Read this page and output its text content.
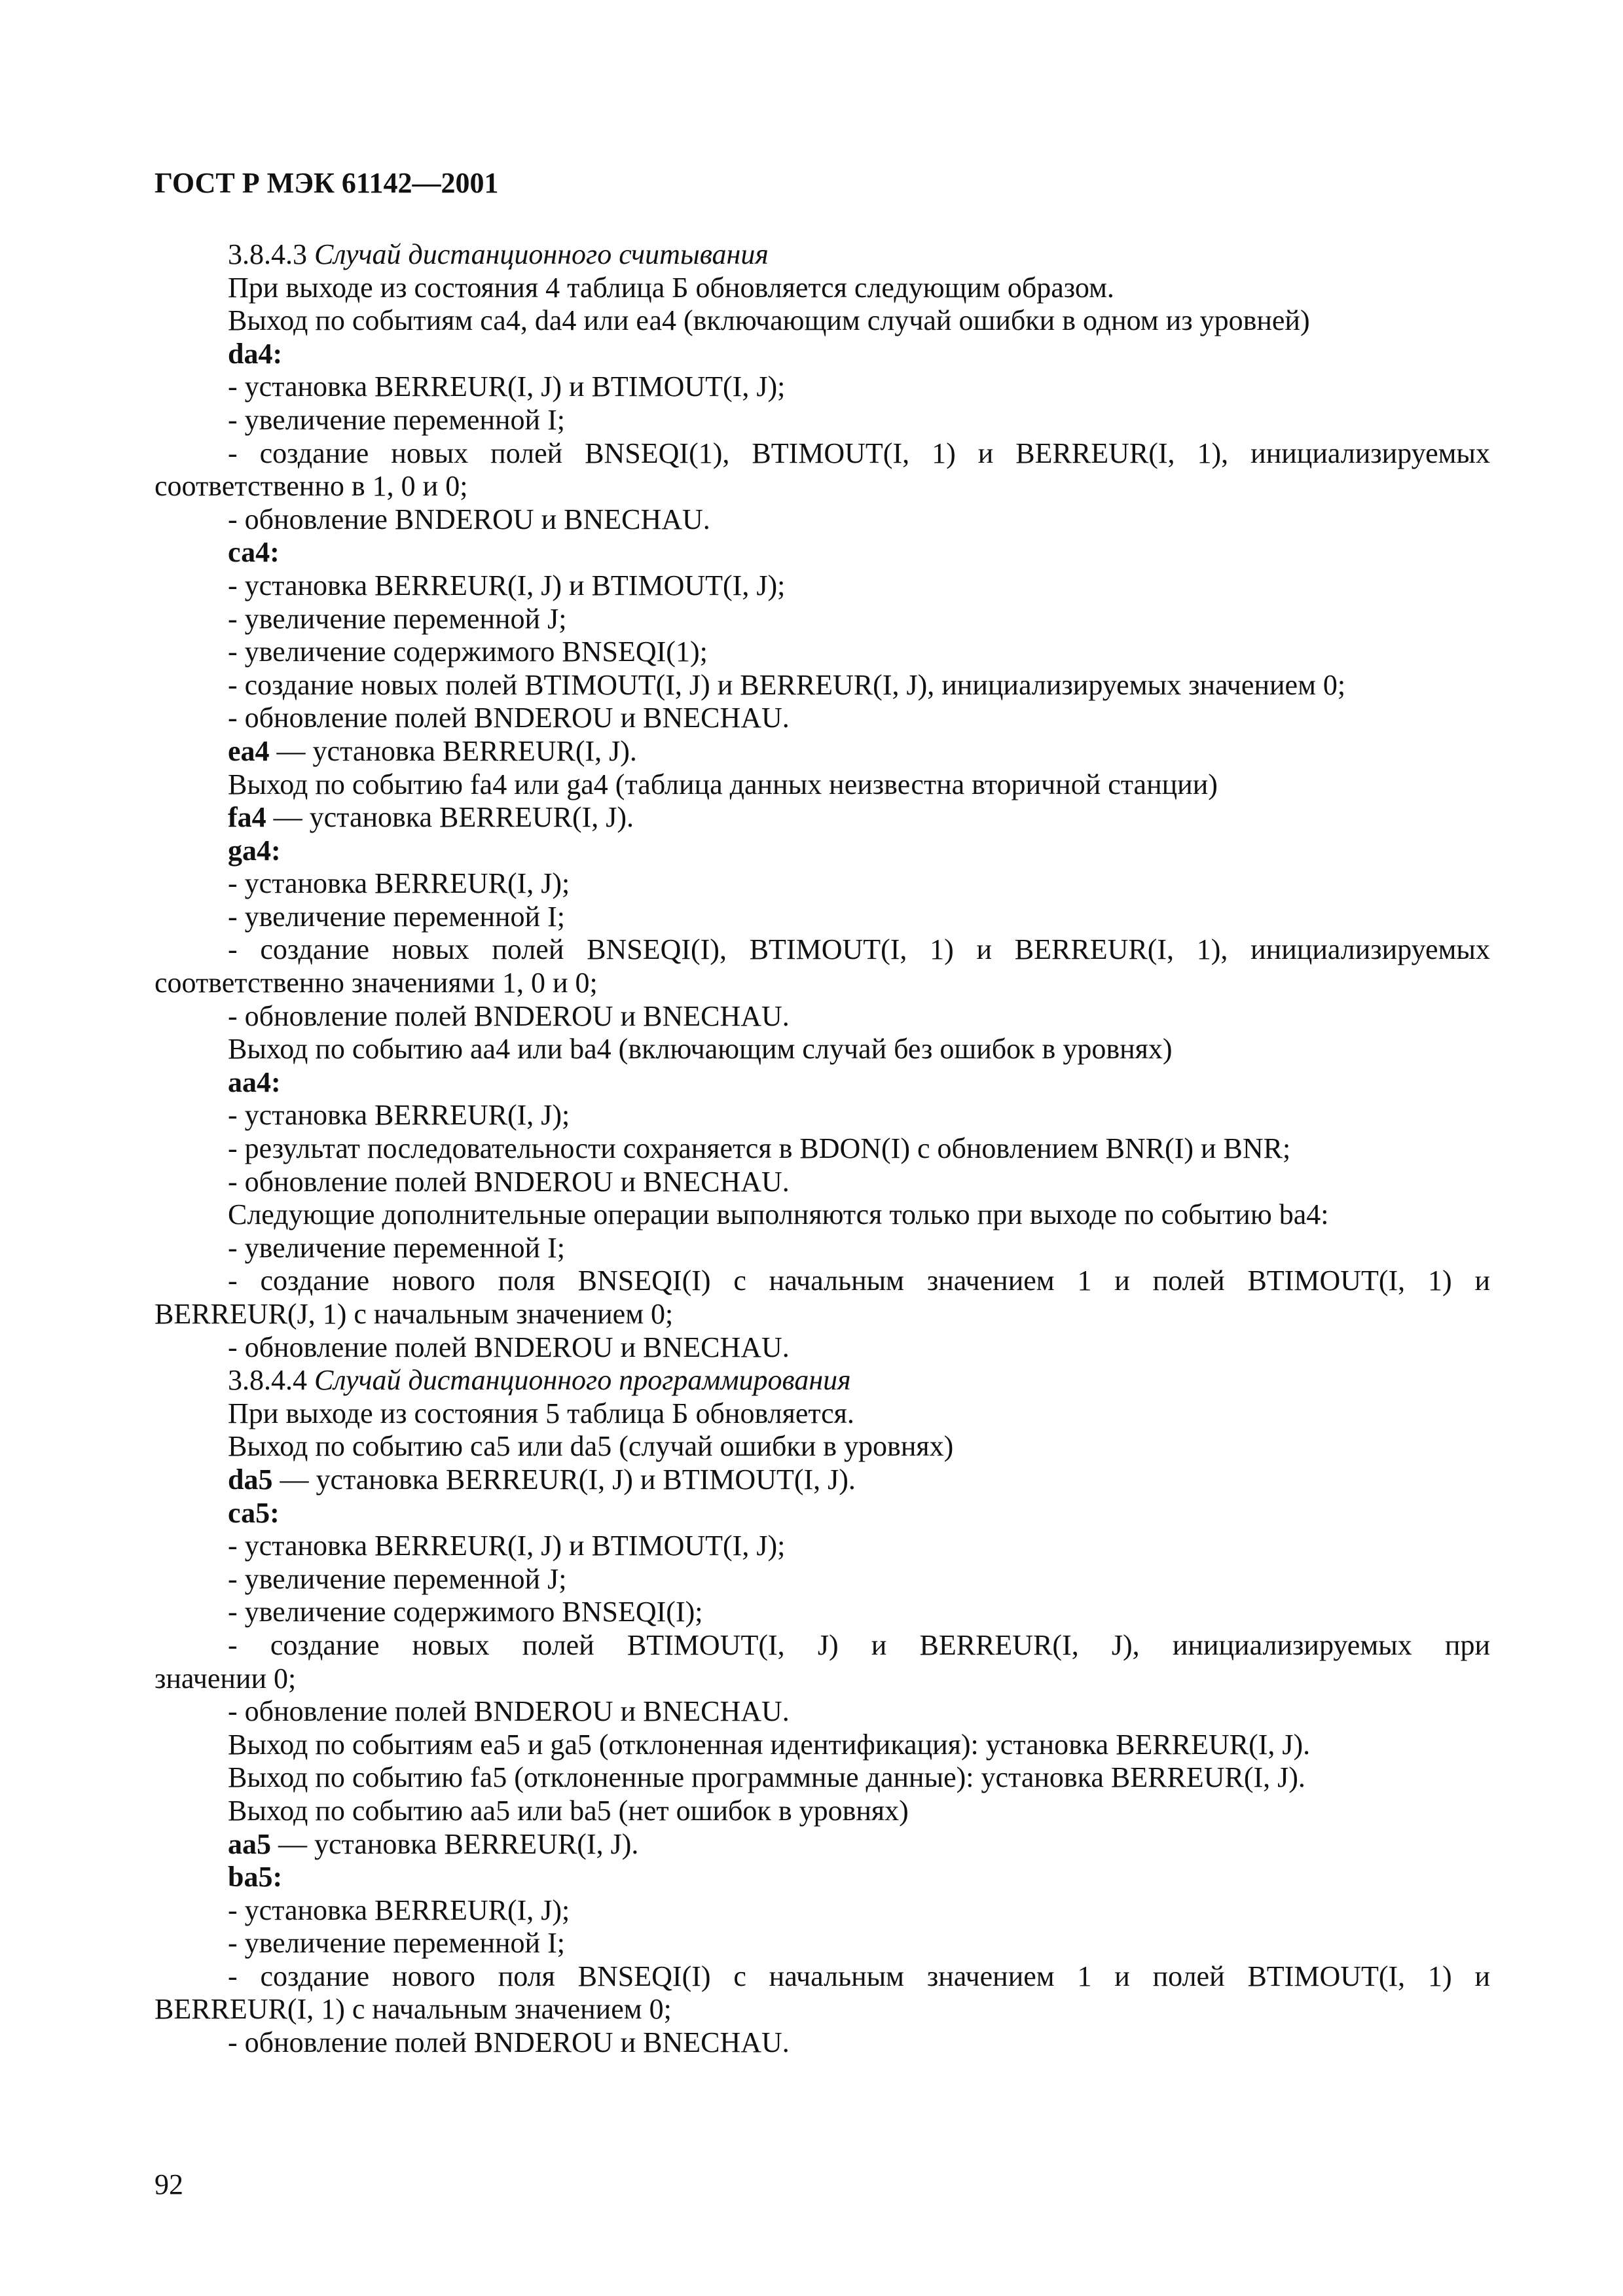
ГОСТ Р МЭК 61142—2001
3.8.4.3 Случай дистанционного считывания
При выходе из состояния 4 таблица Б обновляется следующим образом.
Выход по событиям са4, da4 или еа4 (включающим случай ошибки в одном из уровней)
da4:
- установка BERREUR(I, J) и BTIMOUT(I, J);
- увеличение переменной I;
- создание новых полей BNSEQI(1), BTIMOUT(I, 1) и BERREUR(I, 1), инициализируемых
соответственно в 1, 0 и 0;
- обновление BNDEROU и BNECHAU.
са4:
- установка BERREUR(I, J) и BTIMOUT(I, J);
- увеличение переменной J;
- увеличение содержимого BNSEQI(1);
- создание новых полей BTIMOUT(I, J) и BERREUR(I, J), инициализируемых значением 0;
- обновление полей BNDEROU и BNECHAU.
еа4 — установка BERREUR(I, J).
Выход по событию fa4 или ga4 (таблица данных неизвестна вторичной станции)
fa4 — установка BERREUR(I, J).
ga4:
- установка BERREUR(I, J);
- увеличение переменной I;
- создание новых полей BNSEQI(I), BTIMOUT(I, 1) и BERREUR(I, 1), инициализируемых
соответственно значениями 1, 0 и 0;
- обновление полей BNDEROU и BNECHAU.
Выход по событию аа4 или ba4 (включающим случай без ошибок в уровнях)
аа4:
- установка BERREUR(I, J);
- результат последовательности сохраняется в BDON(I) с обновлением BNR(I) и BNR;
- обновление полей BNDEROU и BNECHAU.
Следующие дополнительные операции выполняются только при выходе по событию ba4:
- увеличение переменной I;
- создание нового поля BNSEQI(I) с начальным значением 1 и полей BTIMOUT(I, 1) и
BERREUR(J, 1) с начальным значением 0;
- обновление полей BNDEROU и BNECHAU.
3.8.4.4 Случай дистанционного программирования
При выходе из состояния 5 таблица Б обновляется.
Выход по событию са5 или da5 (случай ошибки в уровнях)
da5 — установка BERREUR(I, J) и BTIMOUT(I, J).
са5:
- установка BERREUR(I, J) и BTIMOUT(I, J);
- увеличение переменной J;
- увеличение содержимого BNSEQI(I);
- создание новых полей BTIMOUT(I, J) и BERREUR(I, J), инициализируемых при
значении 0;
- обновление полей BNDEROU и BNECHAU.
Выход по событиям еа5 и ga5 (отклоненная идентификация): установка BERREUR(I, J).
Выход по событию fa5 (отклоненные программные данные): установка BERREUR(I, J).
Выход по событию аа5 или ba5 (нет ошибок в уровнях)
аа5 — установка BERREUR(I, J).
ba5:
- установка BERREUR(I, J);
- увеличение переменной I;
- создание нового поля BNSEQI(I) с начальным значением 1 и полей BTIMOUT(I, 1) и
BERREUR(I, 1) с начальным значением 0;
- обновление полей BNDEROU и BNECHAU.
92
